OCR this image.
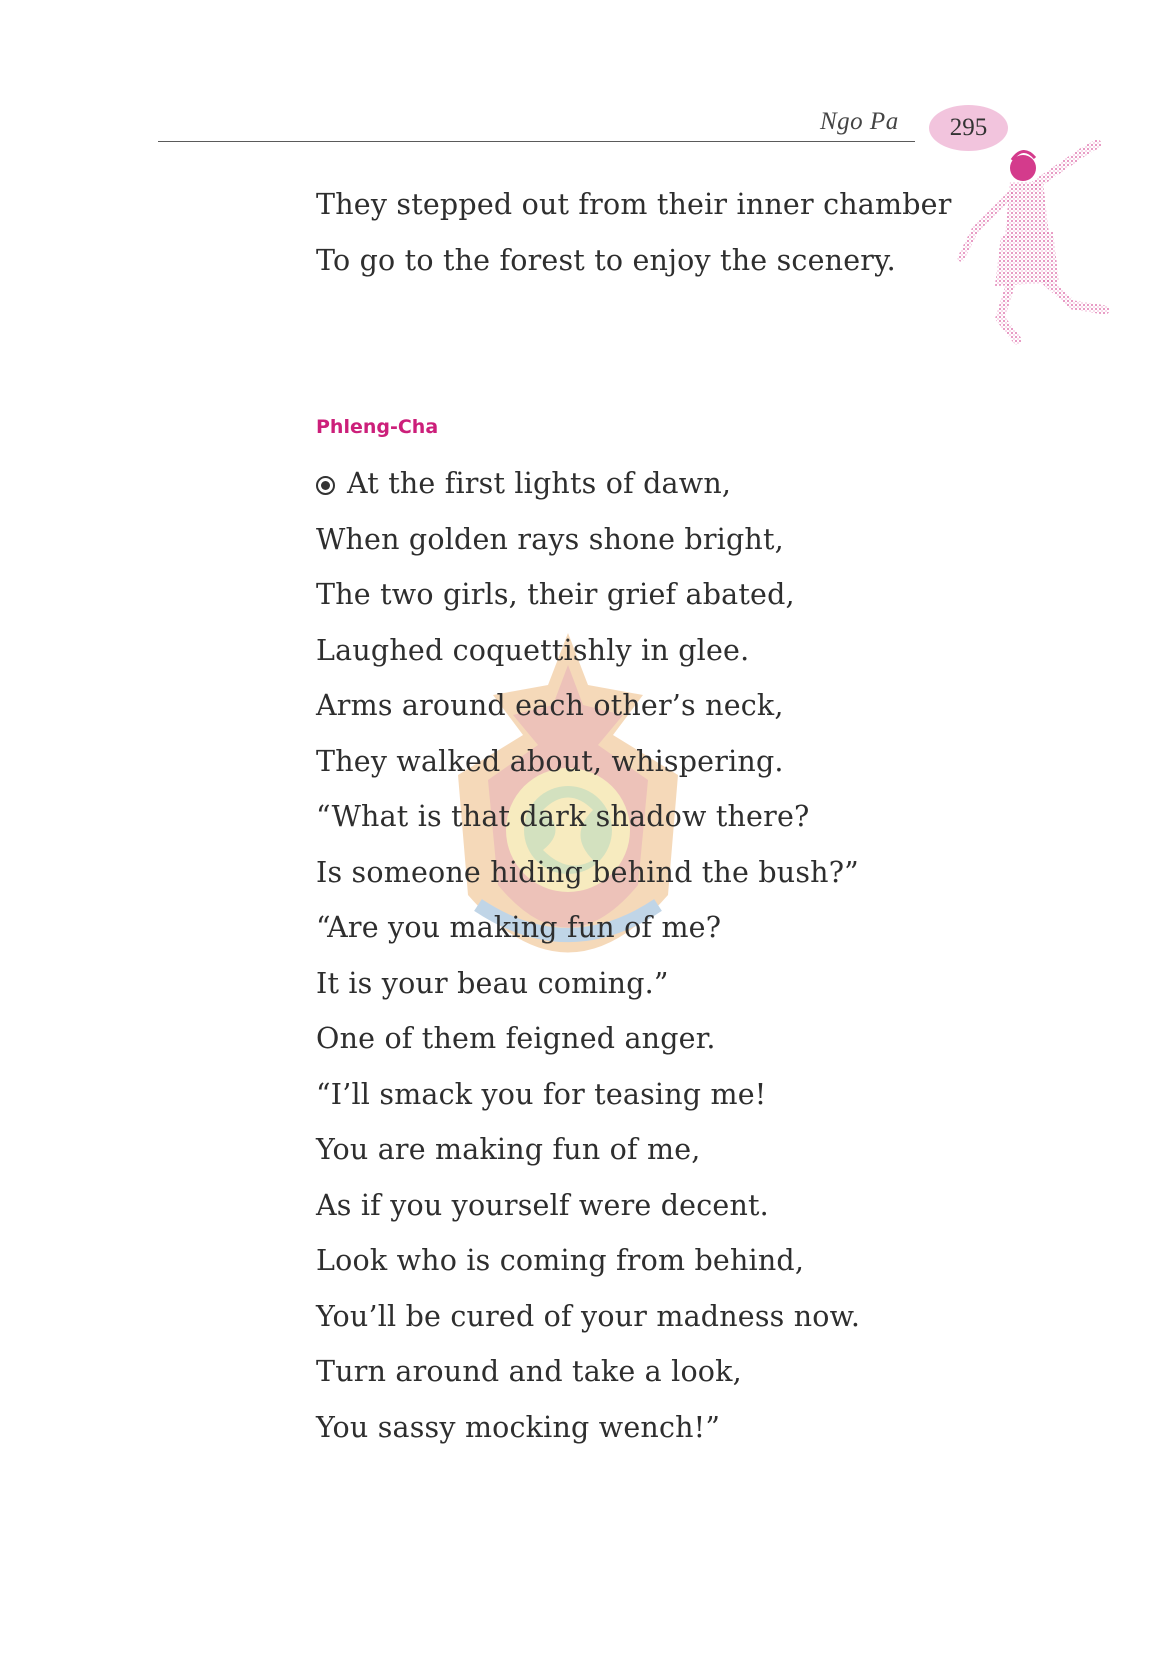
Ngo Pa 295
They stepped out from their inner chamber
To go to the forest to enjoy the scenery.
Phleng-Cha
At the first lights of dawn,
When golden rays shone bright,
The two girls, their grief abated,
Laughed coquettishly in glee.
Arms around each other’s neck,
They walked about, whispering.
“What is that dark shadow there?
Is someone hiding behind the bush?”
“Are you making fun of me?
It is your beau coming.”
One of them feigned anger.
“I’ll smack you for teasing me!
You are making fun of me,
As if you yourself were decent.
Look who is coming from behind,
You’ll be cured of your madness now.
Turn around and take a look,
You sassy mocking wench!”
